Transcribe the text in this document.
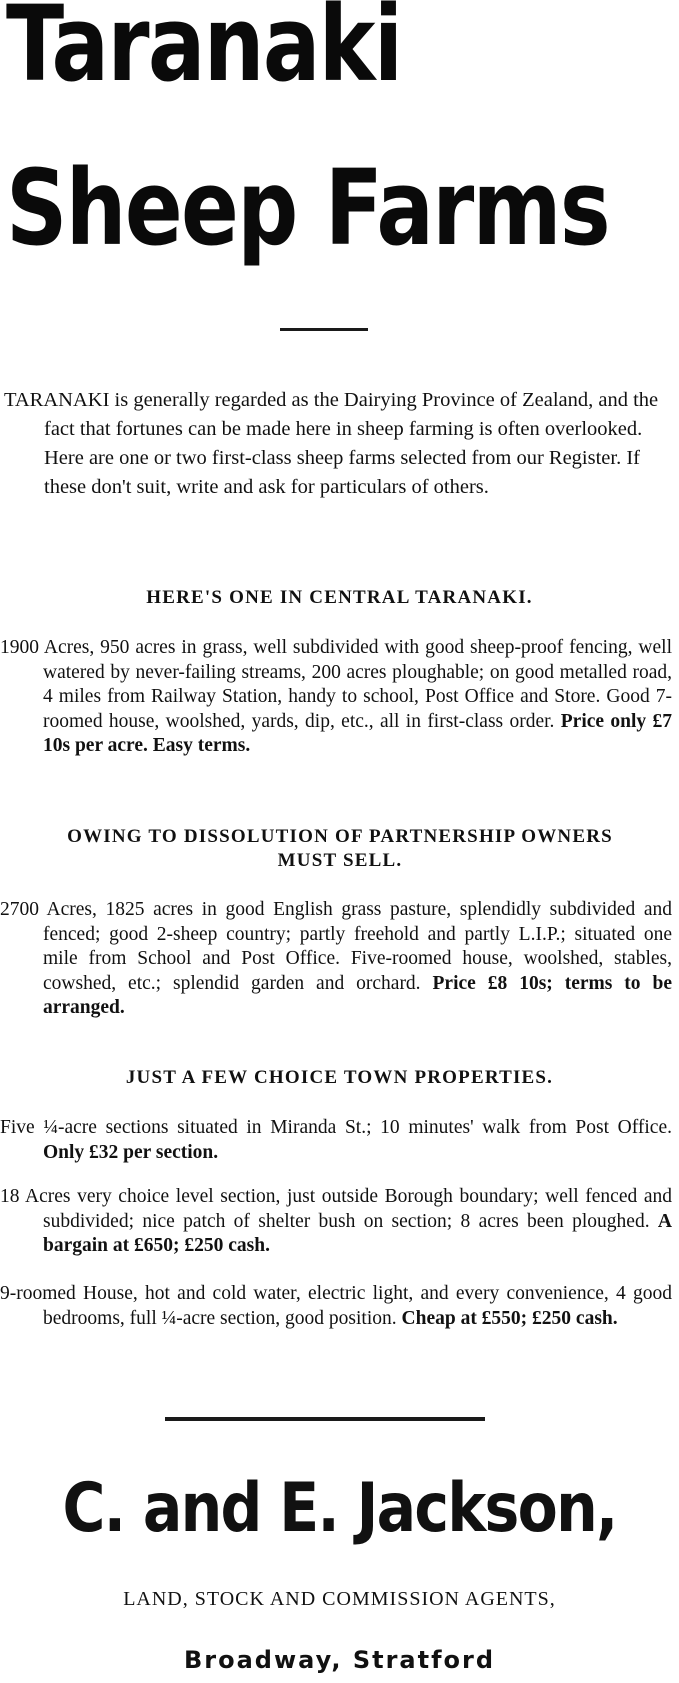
Taranaki
Sheep Farms

TARANAKI is generally regarded as the Dairying Province of Zealand, and the fact that fortunes can be made here in sheep farming is often overlooked. Here are one or two first-class sheep farms selected from our Register. If these don't suit, write and ask for particulars of others.

HERE'S ONE IN CENTRAL TARANAKI.

1900 Acres, 950 acres in grass, well subdivided with good sheep-proof fencing, well watered by never-failing streams, 200 acres ploughable; on good metalled road, 4 miles from Railway Station, handy to school, Post Office and Store. Good 7-roomed house, woolshed, yards, dip, etc., all in first-class order. Price only £7 10s per acre. Easy terms.

OWING TO DISSOLUTION OF PARTNERSHIP OWNERS MUST SELL.

2700 Acres, 1825 acres in good English grass pasture, splendidly subdivided and fenced; good 2-sheep country; partly freehold and partly L.I.P.; situated one mile from School and Post Office. Five-roomed house, woolshed, stables, cowshed, etc.; splendid garden and orchard. Price £8 10s; terms to be arranged.

JUST A FEW CHOICE TOWN PROPERTIES.

Five ¼-acre sections situated in Miranda St.; 10 minutes' walk from Post Office. Only £32 per section.

18 Acres very choice level section, just outside Borough boundary; well fenced and subdivided; nice patch of shelter bush on section; 8 acres been ploughed. A bargain at £650; £250 cash.

9-roomed House, hot and cold water, electric light, and every convenience, 4 good bedrooms, full ¼-acre section, good position. Cheap at £550; £250 cash.

C. and E. Jackson,

LAND, STOCK AND COMMISSION AGENTS,

Broadway, Stratford
